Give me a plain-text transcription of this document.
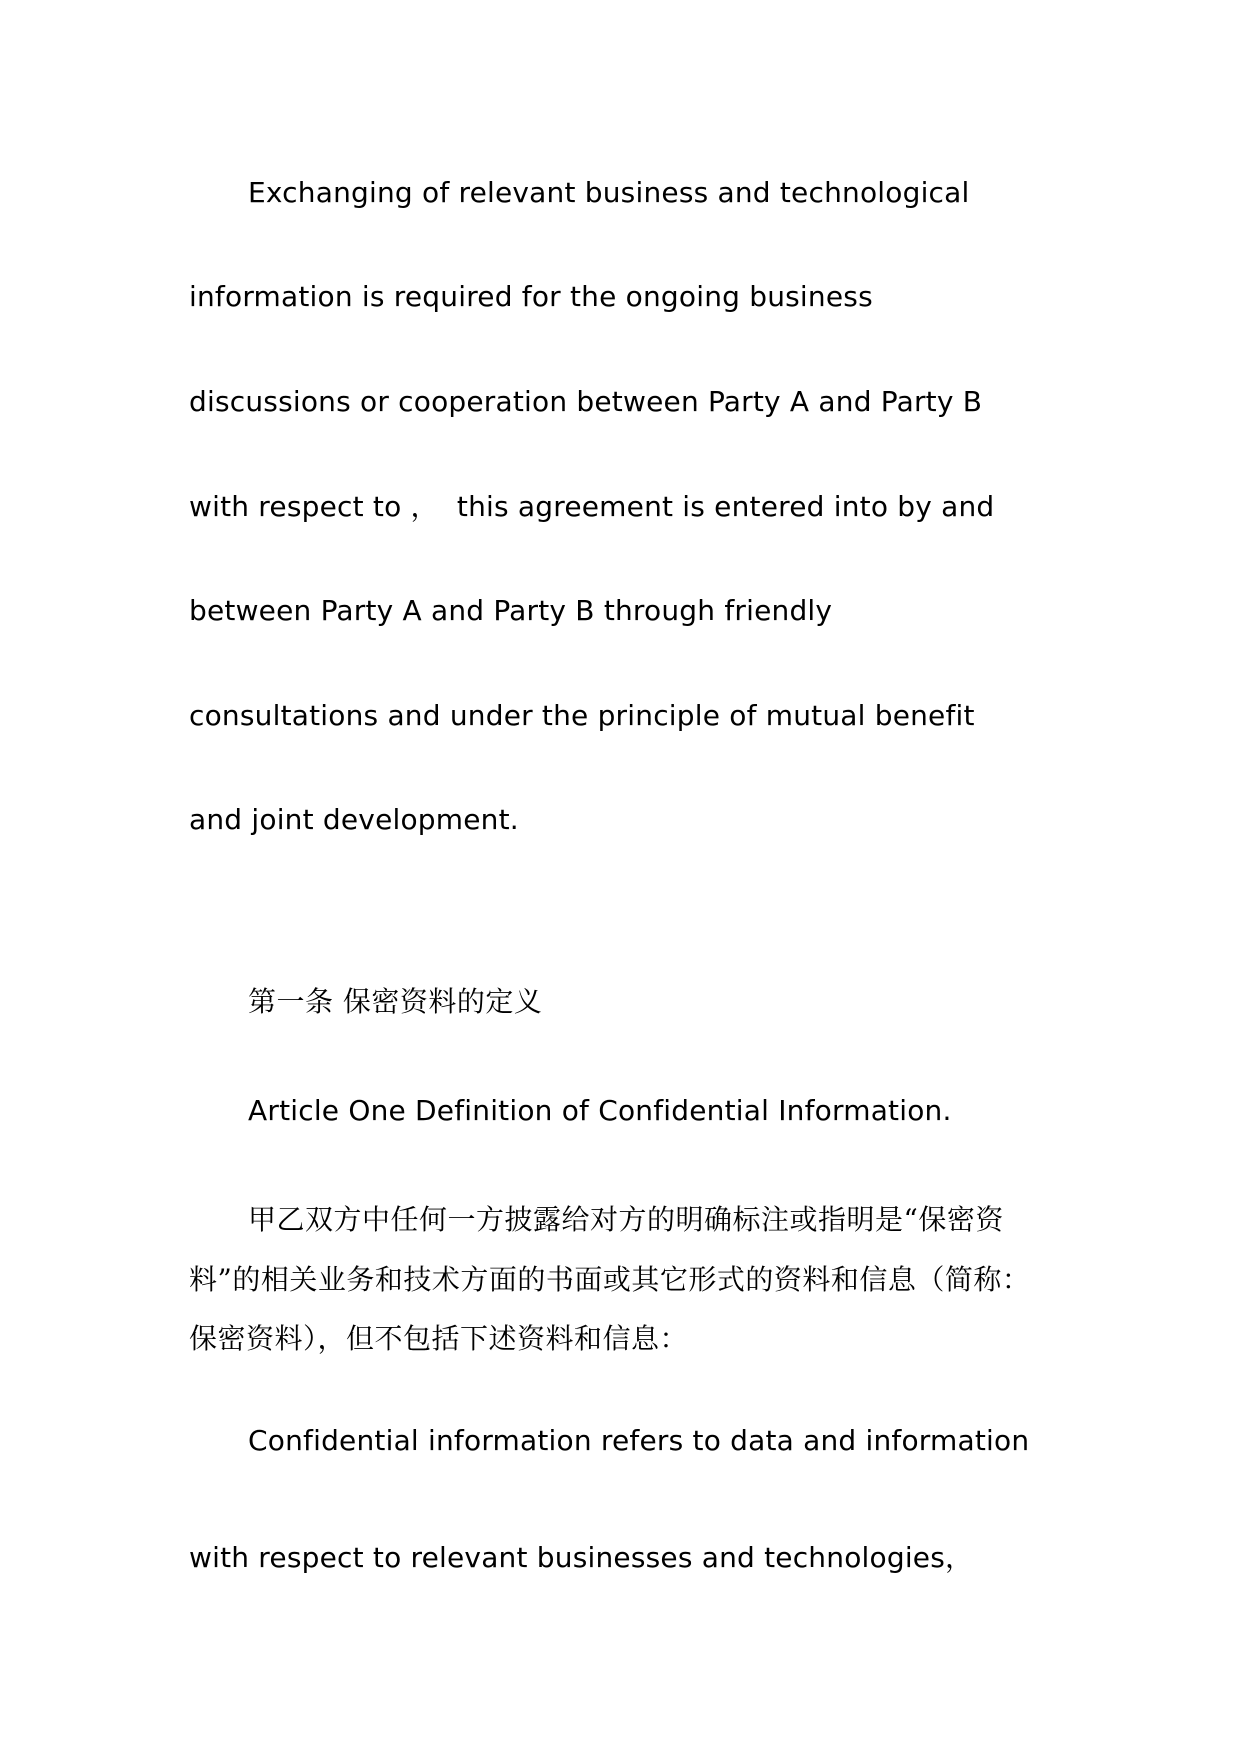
Exchanging of relevant business and technological
information is required for the ongoing business
discussions or cooperation between Party A and Party B
with respect to ，  this agreement is entered into by and
between Party A and Party B through friendly
consultations and under the principle of mutual benefit
and joint development.
第一条 保密资料的定义
Article One Definition of Confidential Information.
甲乙双方中任何一方披露给对方的明确标注或指明是“保密资
料”的相关业务和技术方面的书面或其它形式的资料和信息（简称：
保密资料），但不包括下述资料和信息：
Confidential information refers to data and information
with respect to relevant businesses and technologies，
